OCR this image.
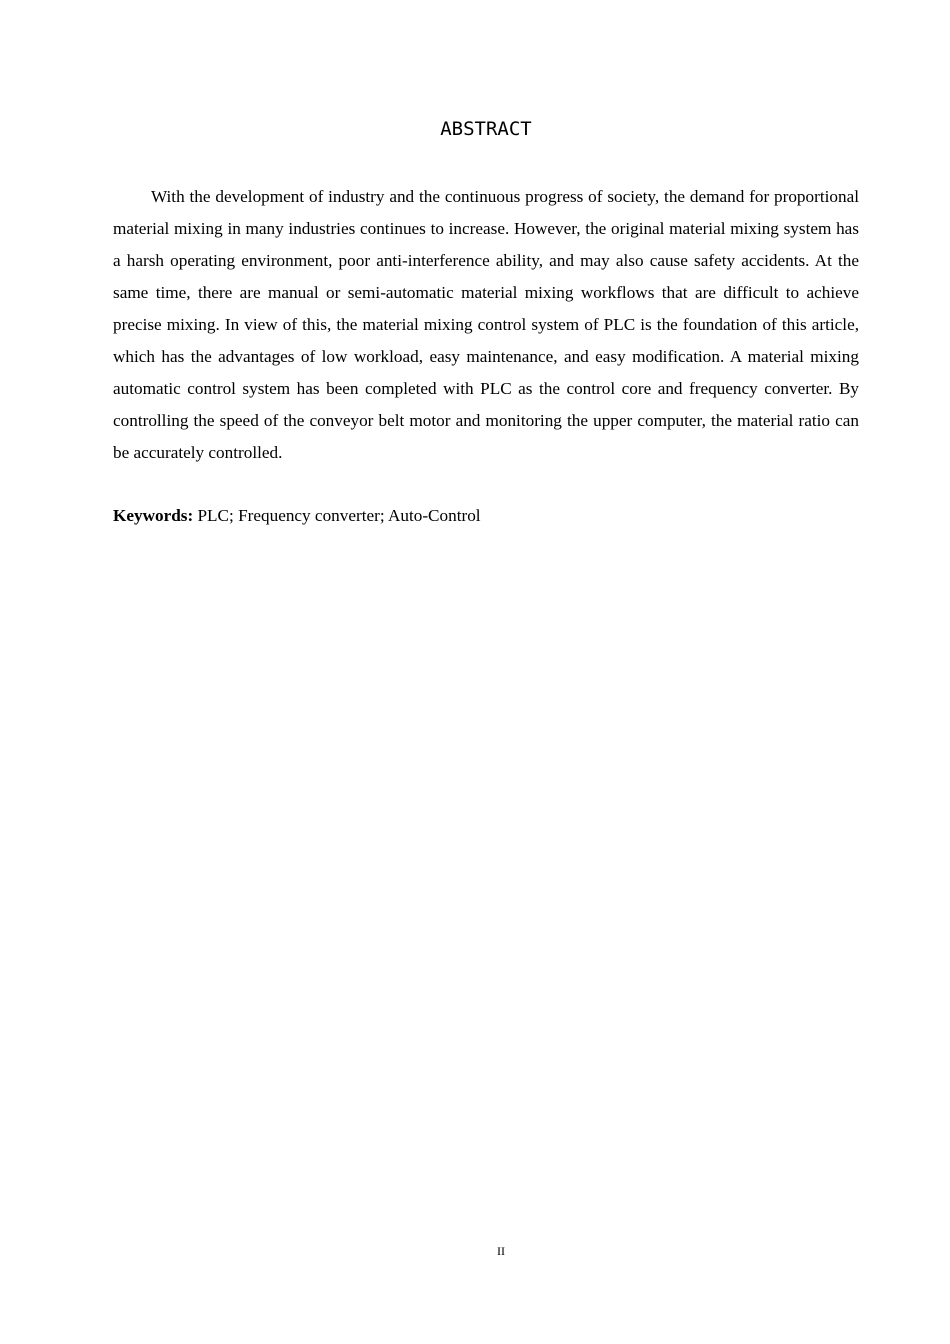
ABSTRACT

With the development of industry and the continuous progress of society, the demand for proportional material mixing in many industries continues to increase. However, the original material mixing system has a harsh operating environment, poor anti-interference ability, and may also cause safety accidents. At the same time, there are manual or semi-automatic material mixing workflows that are difficult to achieve precise mixing. In view of this, the material mixing control system of PLC is the foundation of this article, which has the advantages of low workload, easy maintenance, and easy modification. A material mixing automatic control system has been completed with PLC as the control core and frequency converter. By controlling the speed of the conveyor belt motor and monitoring the upper computer, the material ratio can be accurately controlled.

Keywords: PLC; Frequency converter; Auto-Control

II
